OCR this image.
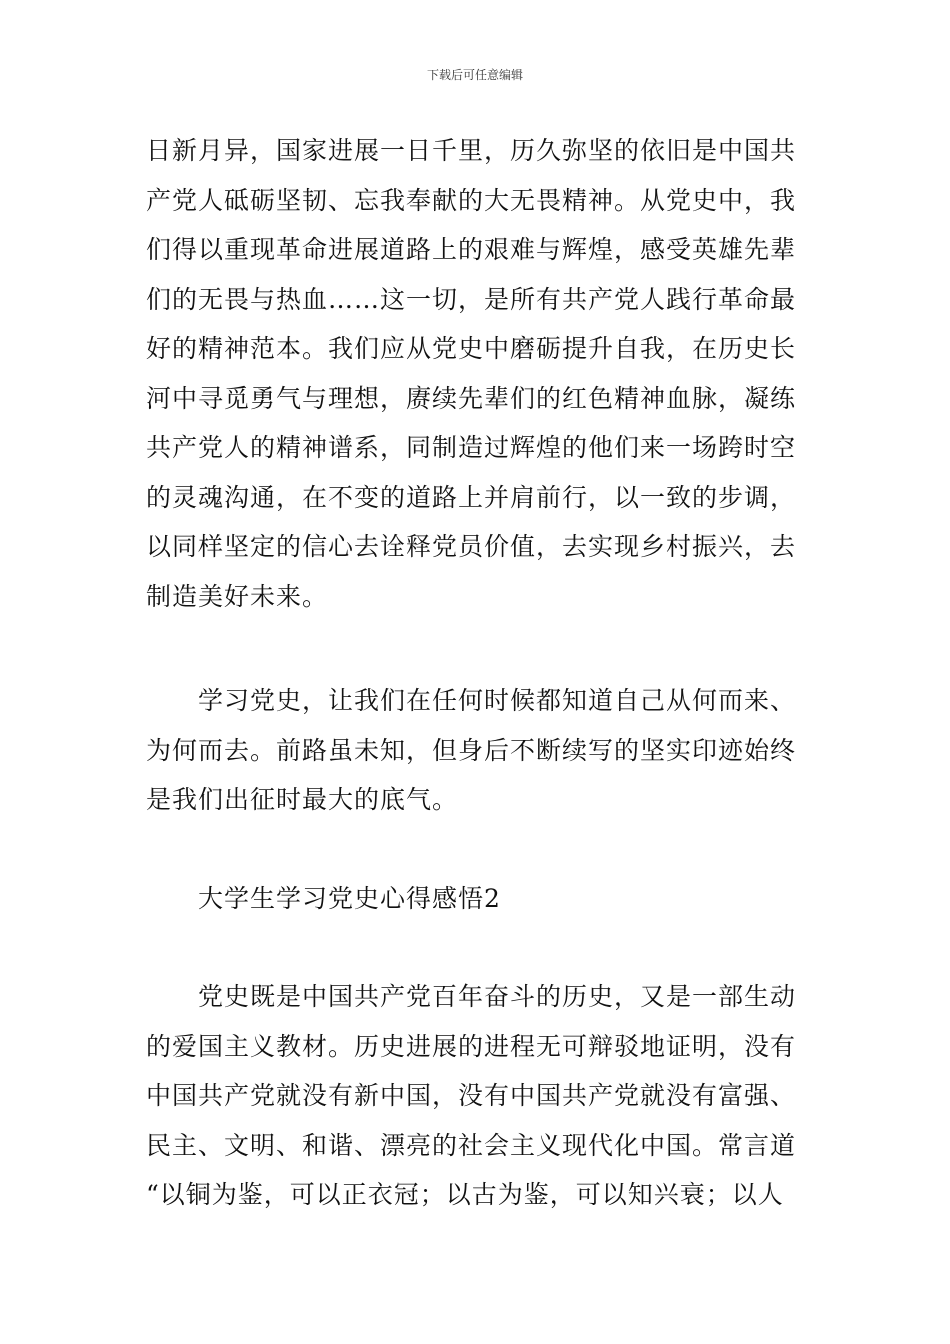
下载后可任意编辑
日新月异，国家进展一日千里，历久弥坚的依旧是中国共
产党人砥砺坚韧、忘我奉献的大无畏精神。从党史中，我
们得以重现革命进展道路上的艰难与辉煌，感受英雄先辈
们的无畏与热血……这一切，是所有共产党人践行革命最
好的精神范本。我们应从党史中磨砺提升自我，在历史长
河中寻觅勇气与理想，赓续先辈们的红色精神血脉，凝练
共产党人的精神谱系，同制造过辉煌的他们来一场跨时空
的灵魂沟通，在不变的道路上并肩前行，以一致的步调，
以同样坚定的信心去诠释党员价值，去实现乡村振兴，去
制造美好未来。
学习党史，让我们在任何时候都知道自己从何而来、
为何而去。前路虽未知，但身后不断续写的坚实印迹始终
是我们出征时最大的底气。
大学生学习党史心得感悟2
党史既是中国共产党百年奋斗的历史，又是一部生动
的爱国主义教材。历史进展的进程无可辩驳地证明，没有
中国共产党就没有新中国，没有中国共产党就没有富强、
民主、文明、和谐、漂亮的社会主义现代化中国。常言道
“以铜为鉴，可以正衣冠；以古为鉴，可以知兴衰；以人
